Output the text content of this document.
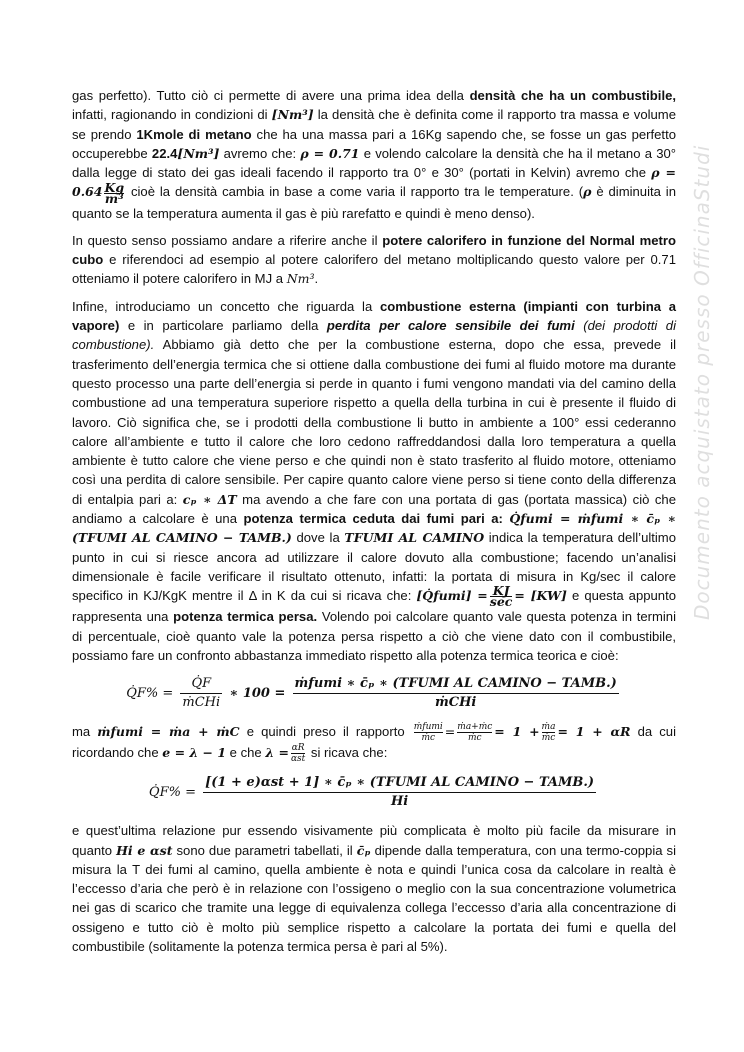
gas perfetto). Tutto ciò ci permette di avere una prima idea della densità che ha un combustibile, infatti, ragionando in condizioni di [Nm³] la densità che è definita come il rapporto tra massa e volume se prendo 1Kmole di metano che ha una massa pari a 16Kg sapendo che, se fosse un gas perfetto occuperebbe 22.4[Nm³] avremo che: ρ = 0.71 e volendo calcolare la densità che ha il metano a 30° dalla legge di stato dei gas ideali facendo il rapporto tra 0° e 30° (portati in Kelvin) avremo che $\rho = 0.64 \frac{Kg}{\text{m³}}$ cioè la densità cambia in base a come varia il rapporto tra le temperature. (ρ è diminuita in quanto se la temperatura aumenta il gas è più rarefatto e quindi è meno denso).

In questo senso possiamo andare a riferire anche il potere calorifero in funzione del Normal metro cubo e riferendoci ad esempio al potere calorifero del metano moltiplicando questo valore per 0.71 otteniamo il potere calorifero in MJ a Nm³.

Infine, introduciamo un concetto che riguarda la combustione esterna (impianti con turbina a vapore) e in particolare parliamo della perdita per calore sensibile dei fumi (dei prodotti di combustione). Abbiamo già detto che per la combustione esterna, dopo che essa, prevede il trasferimento dell’energia termica che si ottiene dalla combustione dei fumi al fluido motore ma durante questo processo una parte dell’energia si perde in quanto i fumi vengono mandati via del camino della combustione ad una temperatura superiore rispetto a quella della turbina in cui è presente il fluido di lavoro. Ciò significa che, se i prodotti della combustione li butto in ambiente a 100° essi cederanno calore all’ambiente e tutto il calore che loro cedono raffreddandosi dalla loro temperatura a quella ambiente è tutto calore che viene perso e che quindi non è stato trasferito al fluido motore, otteniamo così una perdita di calore sensibile. Per capire quanto calore viene perso si tiene conto della differenza di entalpia pari a: cₚ ∗ ΔT ma avendo a che fare con una portata di gas (portata massica) ciò che andiamo a calcolare è una potenza termica ceduta dai fumi pari a: Q̇fumi = ṁfumi ∗ c̄ₚ ∗ (TFUMI AL CAMINO − TAMB.) dove la TFUMI AL CAMINO indica la temperatura dell’ultimo punto in cui si riesce ancora ad utilizzare il calore dovuto alla combustione; facendo un’analisi dimensionale è facile verificare il risultato ottenuto, infatti: la portata di misura in Kg/sec il calore specifico in KJ/KgK mentre il Δ in K da cui si ricava che: [Q̇fumi] = KJ
sec = [KW] e questa appunto rappresenta una potenza termica persa. Volendo poi calcolare quanto vale questa potenza in termini di percentuale, cioè quanto vale la potenza persa rispetto a ciò che viene dato con il combustibile, possiamo fare un confronto abbastanza immediato rispetto alla potenza termica teorica e cioè:

Q̇F% = $\frac{Q̇F}{\text{ṁCHi}}$ ∗ $100 = \frac{\text{ṁfumi ∗ c̄ₚ ∗ (TFUMI AL CAMINO − TAMB.)}}{\text{ṁCHi}}$

ma ṁfumi = ṁa + ṁC e quindi preso il rapporto ṁfumi
ṁc = $\frac{\text{ṁa+ṁc}}{\text{ṁc}} = 1 + \frac{\text{ṁa}}{\text{ṁc}} = 1 + \alpha R$ da cui ricordando che e = λ − 1 e che λ = αR
αst si ricava che:

Q̇F% = $\frac{\text{[(1 + e)αst + 1] ∗ c̄ₚ ∗ (TFUMI AL CAMINO − TAMB.)}}{Hi}$

e quest’ultima relazione pur essendo visivamente più complicata è molto più facile da misurare in quanto Hi e αst sono due parametri tabellati, il c̄ₚ dipende dalla temperatura, con una termo-coppia si misura la T dei fumi al camino, quella ambiente è nota e quindi l’unica cosa da calcolare in realtà è l’eccesso d’aria che però è in relazione con l’ossigeno o meglio con la sua concentrazione volumetrica nei gas di scarico che tramite una legge di equivalenza collega l’eccesso d’aria alla concentrazione di ossigeno e tutto ciò è molto più semplice rispetto a calcolare la portata dei fumi e quella del combustibile (solitamente la potenza termica persa è pari al 5%).

Documento acquistato presso OfficinaStudi
